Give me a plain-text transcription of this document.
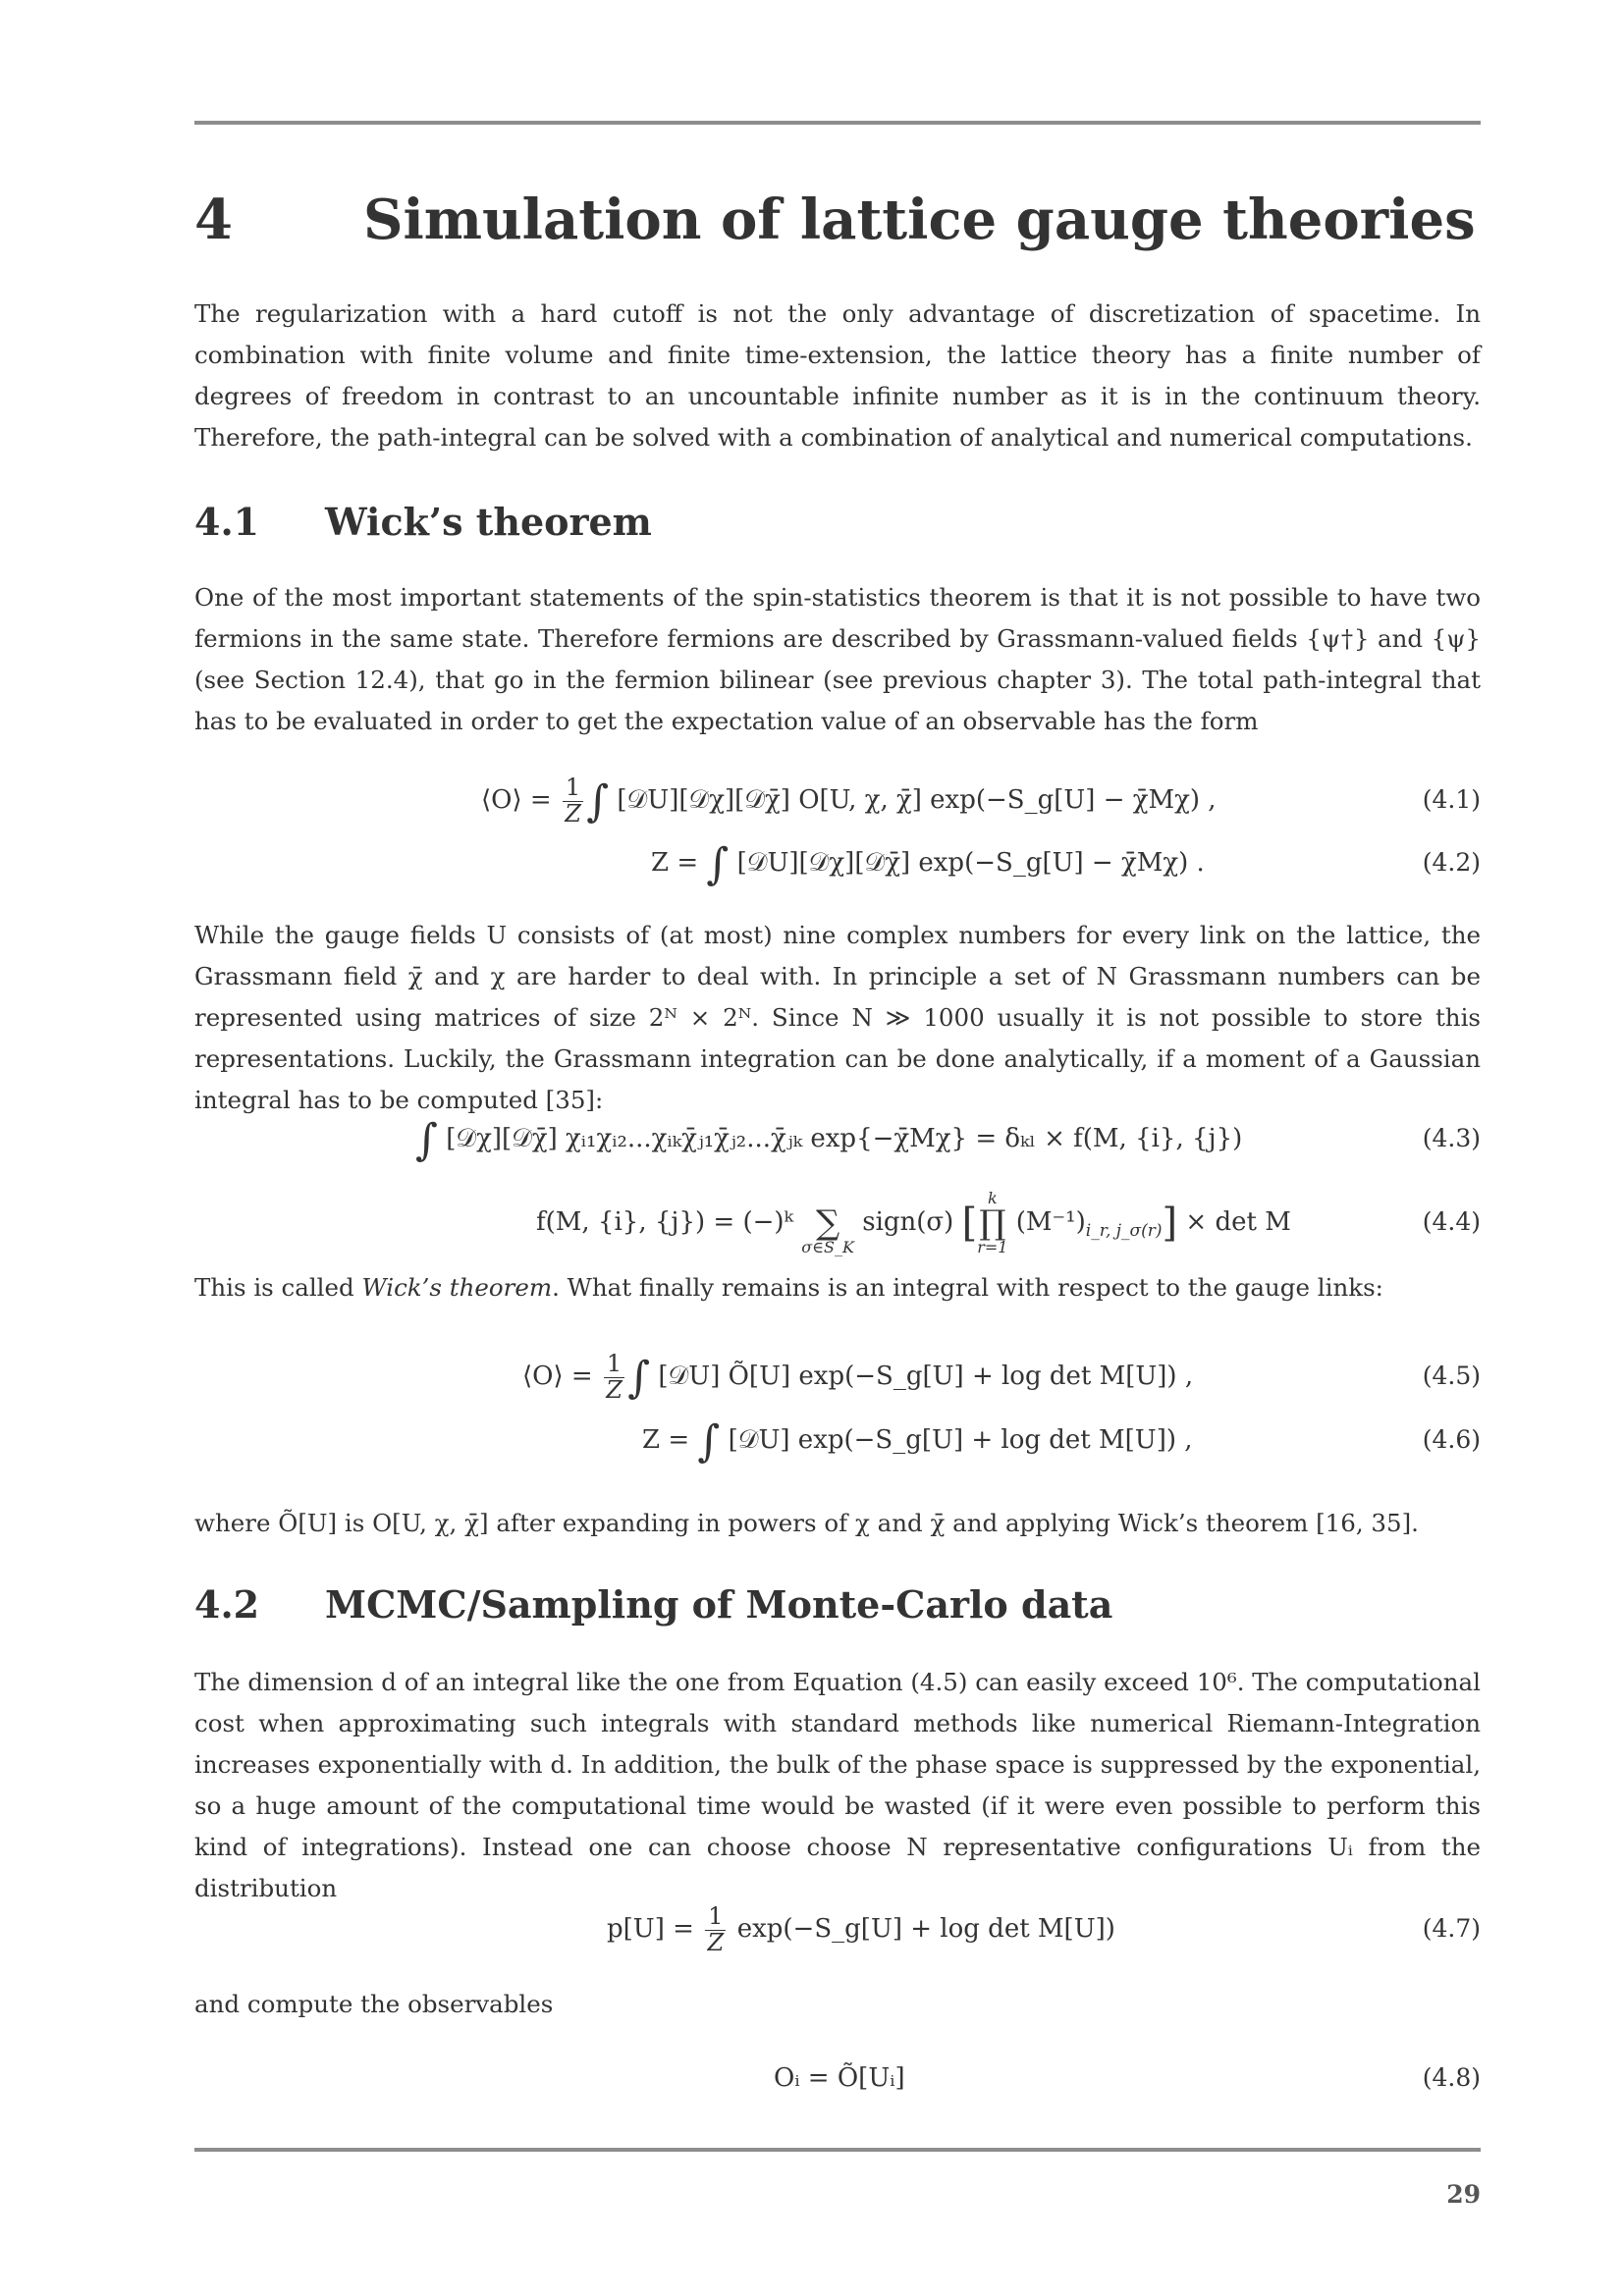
4 Simulation of lattice gauge theories

The regularization with a hard cutoff is not the only advantage of discretization of spacetime. In combination with finite volume and finite time-extension, the lattice theory has a finite number of degrees of freedom in contrast to an uncountable infinite number as it is in the continuum theory. Therefore, the path-integral can be solved with a combination of analytical and numerical computations.

4.1 Wick’s theorem

One of the most important statements of the spin-statistics theorem is that it is not possible to have two fermions in the same state. Therefore fermions are described by Grassmann-valued fields {ψ†} and {ψ} (see Section 12.4), that go in the fermion bilinear (see previous chapter 3). The total path-integral that has to be evaluated in order to get the expectation value of an observable has the form

⟨O⟩ = $\frac{1}{Z}$ ∫ [𝒟U][𝒟χ][𝒟χ̄] O[U, χ, χ̄] exp(−S_g[U] − χ̄Mχ) ,	(4.1)
Z = ∫ [𝒟U][𝒟χ][𝒟χ̄] exp(−S_g[U] − χ̄Mχ) .	(4.2)

While the gauge fields U consists of (at most) nine complex numbers for every link on the lattice, the Grassmann field χ̄ and χ are harder to deal with. In principle a set of N Grassmann numbers can be represented using matrices of size 2ᴺ × 2ᴺ. Since N ≫ 1000 usually it is not possible to store this representations. Luckily, the Grassmann integration can be done analytically, if a moment of a Gaussian integral has to be computed [35]:

∫ [𝒟χ][𝒟χ̄] χᵢ₁χᵢ₂...χᵢₖχ̄ⱼ₁χ̄ⱼ₂...χ̄ⱼₖ exp{−χ̄Mχ} = δₖₗ × f(M, {i}, {j})	(4.3)
f(M, {i}, {j}) = (−)ᵏ
∑
σ∈S_K
sign(σ) [
k
∏
r=1
$(M^{-1})_{i\_r, j\_\sigma(r)}] \times \det M$	(4.4)

This is called Wick’s theorem. What finally remains is an integral with respect to the gauge links:

⟨O⟩ = $\frac{1}{Z}$ ∫ [𝒟U] Õ[U] exp(−S_g[U] + log det M[U]) ,	(4.5)
Z = ∫ [𝒟U] exp(−S_g[U] + log det M[U]) ,	(4.6)

where Õ[U] is O[U, χ, χ̄] after expanding in powers of χ and χ̄ and applying Wick’s theorem [16, 35].

4.2 MCMC/Sampling of Monte-Carlo data

The dimension d of an integral like the one from Equation (4.5) can easily exceed 10⁶. The computational cost when approximating such integrals with standard methods like numerical Riemann-Integration increases exponentially with d. In addition, the bulk of the phase space is suppressed by the exponential, so a huge amount of the computational time would be wasted (if it were even possible to perform this kind of integrations). Instead one can choose choose N representative configurations Uᵢ from the distribution

$p[U] = \frac{1}{Z}$ exp(−S_g[U] + log det M[U])	(4.7)

and compute the observables

Oᵢ = Õ[Uᵢ]	(4.8)
29
